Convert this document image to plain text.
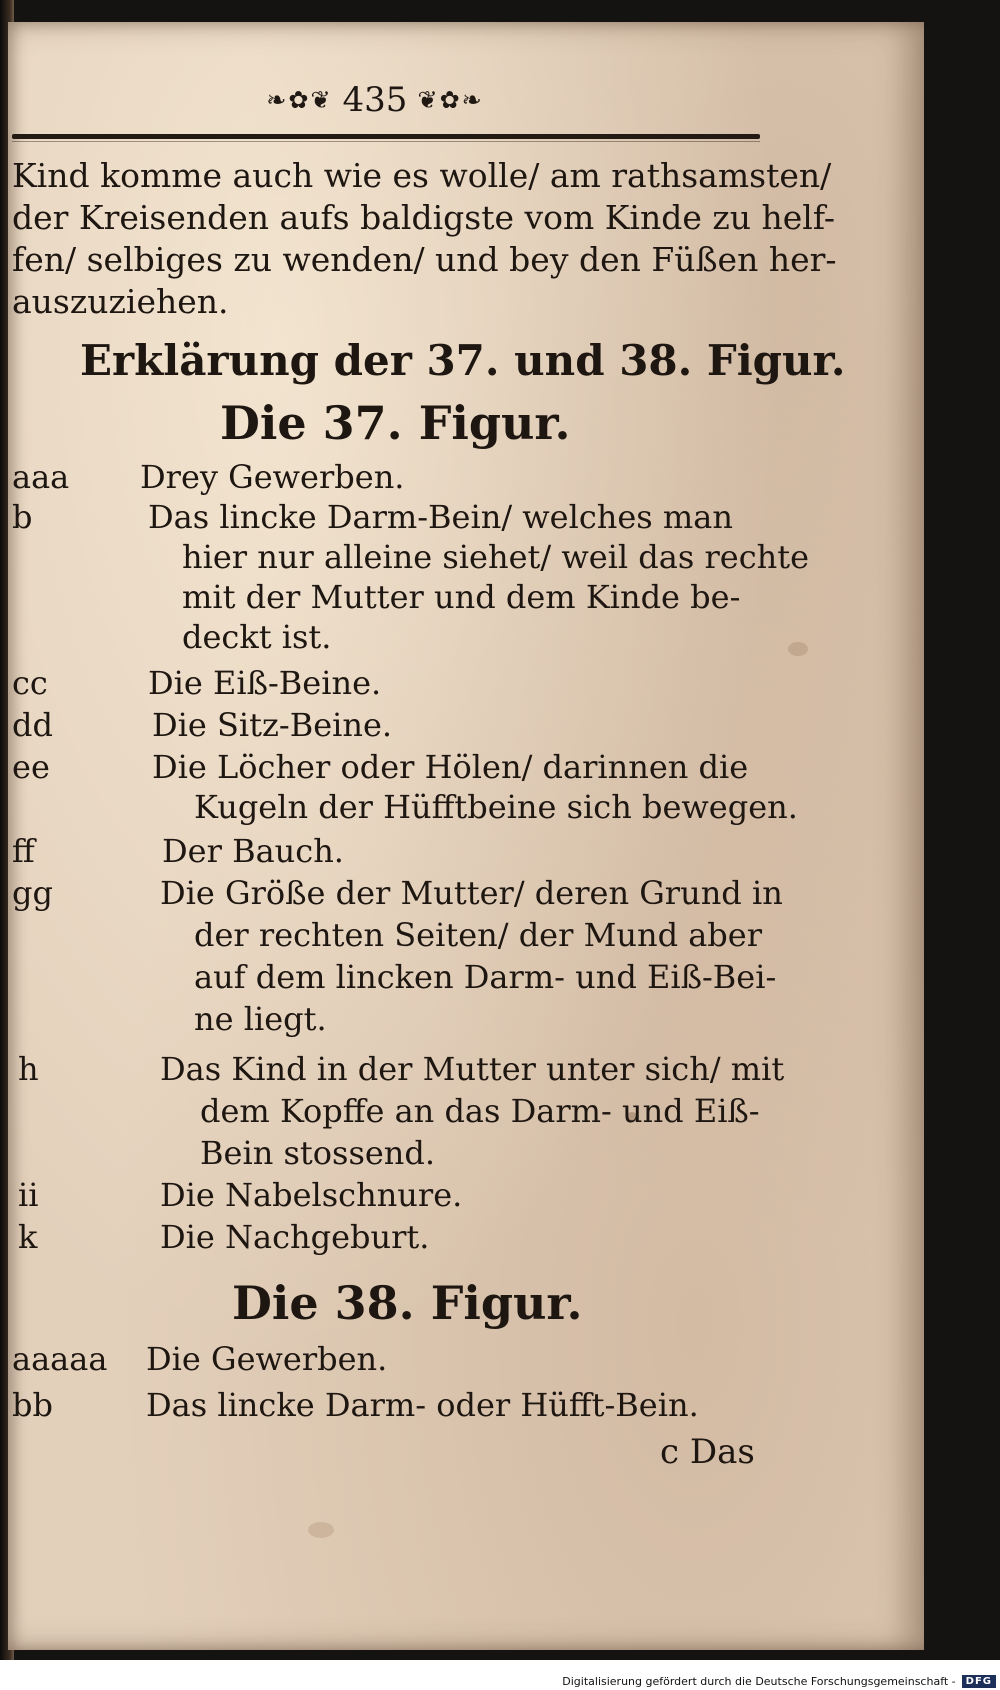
❧✿❦ 435 ❦✿❧
Kind komme auch wie es wolle/ am rathsamsten/
der Kreisenden aufs baldigste vom Kinde zu helf-
fen/ selbiges zu wenden/ und bey den Füßen her-
auszuziehen.
Erklärung der 37. und 38. Figur.
Die 37. Figur.
aaa Drey Gewerben.
b	Das lincke Darm-Bein/ welches man
hier nur alleine siehet/ weil das rechte
mit der Mutter und dem Kinde be-
deckt ist.
cc	Die Eiß-Beine.
dd	Die Sitz-Beine.
ee	Die Löcher oder Hölen/ darinnen die
Kugeln der Hüfftbeine sich bewegen.
ff	Der Bauch.
gg	Die Größe der Mutter/ deren Grund in
der rechten Seiten/ der Mund aber
auf dem lincken Darm- und Eiß-Bei-
ne liegt.
h	Das Kind in der Mutter unter sich/ mit
dem Kopffe an das Darm- und Eiß-
Bein stossend.
ii	Die Nabelschnure.
k	Die Nachgeburt.
Die 38. Figur.
aaaaa Die Gewerben.
bb	Das lincke Darm- oder Hüfft-Bein.
c Das
Digitalisierung gefördert durch die Deutsche Forschungsgemeinschaft -	DFG
